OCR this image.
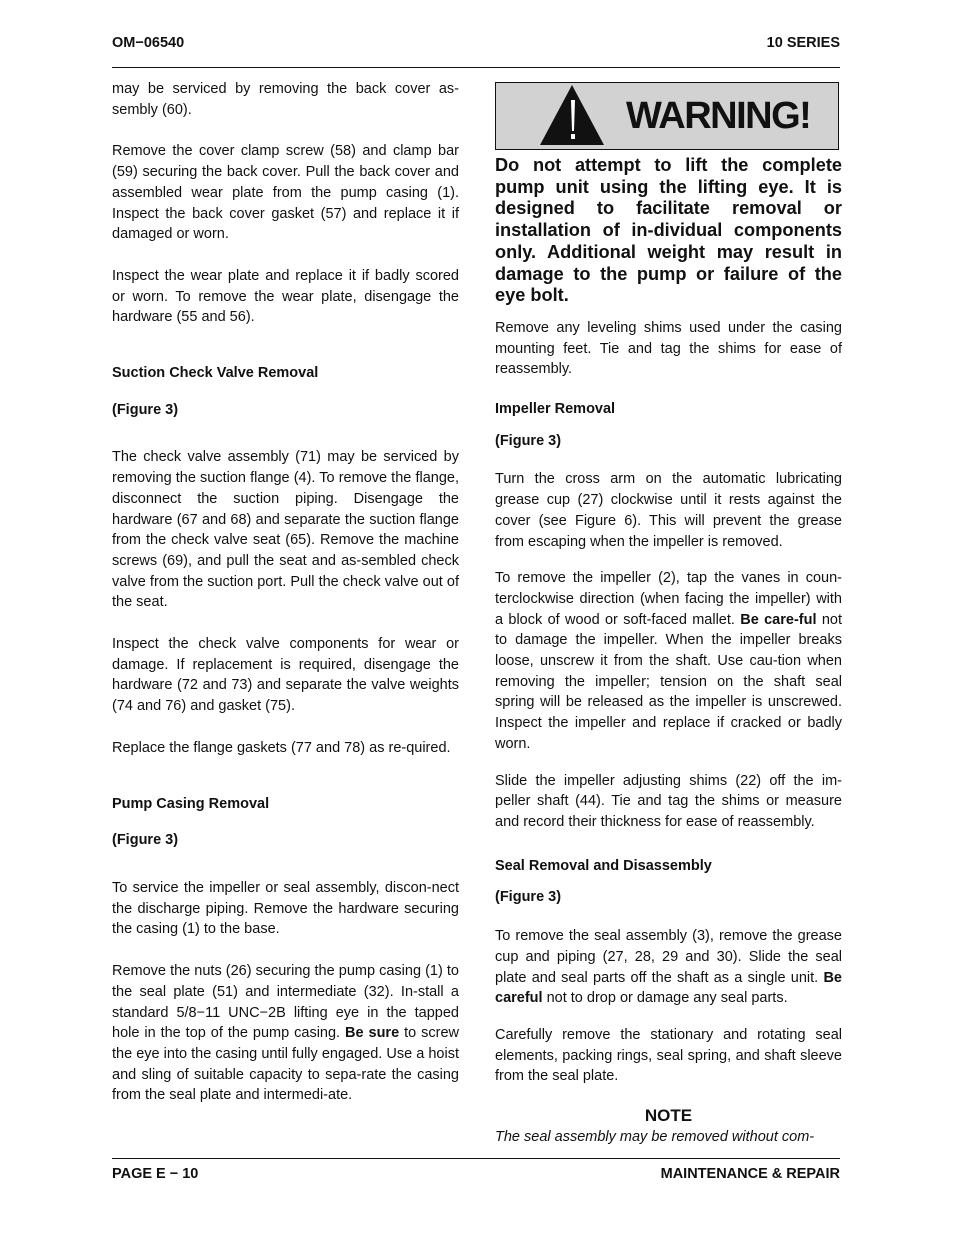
OM−06540	10 SERIES

may be serviced by removing the back cover as-sembly (60).

Remove the cover clamp screw (58) and clamp bar (59) securing the back cover. Pull the back cover and assembled wear plate from the pump casing (1). Inspect the back cover gasket (57) and replace it if damaged or worn.

Inspect the wear plate and replace it if badly scored or worn. To remove the wear plate, disengage the hardware (55 and 56).

Suction Check Valve Removal
(Figure 3)

The check valve assembly (71) may be serviced by removing the suction flange (4). To remove the flange, disconnect the suction piping. Disengage the hardware (67 and 68) and separate the suction flange from the check valve seat (65). Remove the machine screws (69), and pull the seat and as-sembled check valve from the suction port. Pull the check valve out of the seat.

Inspect the check valve components for wear or damage. If replacement is required, disengage the hardware (72 and 73) and separate the valve weights (74 and 76) and gasket (75).

Replace the flange gaskets (77 and 78) as re-quired.

Pump Casing Removal
(Figure 3)

To service the impeller or seal assembly, discon-nect the discharge piping. Remove the hardware securing the casing (1) to the base.

Remove the nuts (26) securing the pump casing (1) to the seal plate (51) and intermediate (32). In-stall a standard 5/8−11 UNC−2B lifting eye in the tapped hole in the top of the pump casing. Be sure to screw the eye into the casing until fully engaged. Use a hoist and sling of suitable capacity to sepa-rate the casing from the seal plate and intermedi-ate.

WARNING!
Do not attempt to lift the complete pump unit using the lifting eye. It is designed to facilitate removal or installation of in-dividual components only. Additional weight may result in damage to the pump or failure of the eye bolt.

Remove any leveling shims used under the casing mounting feet. Tie and tag the shims for ease of reassembly.

Impeller Removal
(Figure 3)

Turn the cross arm on the automatic lubricating grease cup (27) clockwise until it rests against the cover (see Figure 6). This will prevent the grease from escaping when the impeller is removed.

To remove the impeller (2), tap the vanes in coun-terclockwise direction (when facing the impeller) with a block of wood or soft-faced mallet. Be care-ful not to damage the impeller. When the impeller breaks loose, unscrew it from the shaft. Use cau-tion when removing the impeller; tension on the shaft seal spring will be released as the impeller is unscrewed. Inspect the impeller and replace if cracked or badly worn.

Slide the impeller adjusting shims (22) off the im-peller shaft (44). Tie and tag the shims or measure and record their thickness for ease of reassembly.

Seal Removal and Disassembly
(Figure 3)

To remove the seal assembly (3), remove the grease cup and piping (27, 28, 29 and 30). Slide the seal plate and seal parts off the shaft as a single unit. Be careful not to drop or damage any seal parts.

Carefully remove the stationary and rotating seal elements, packing rings, seal spring, and shaft sleeve from the seal plate.

NOTE

The seal assembly may be removed without com-

PAGE E − 10	MAINTENANCE & REPAIR
